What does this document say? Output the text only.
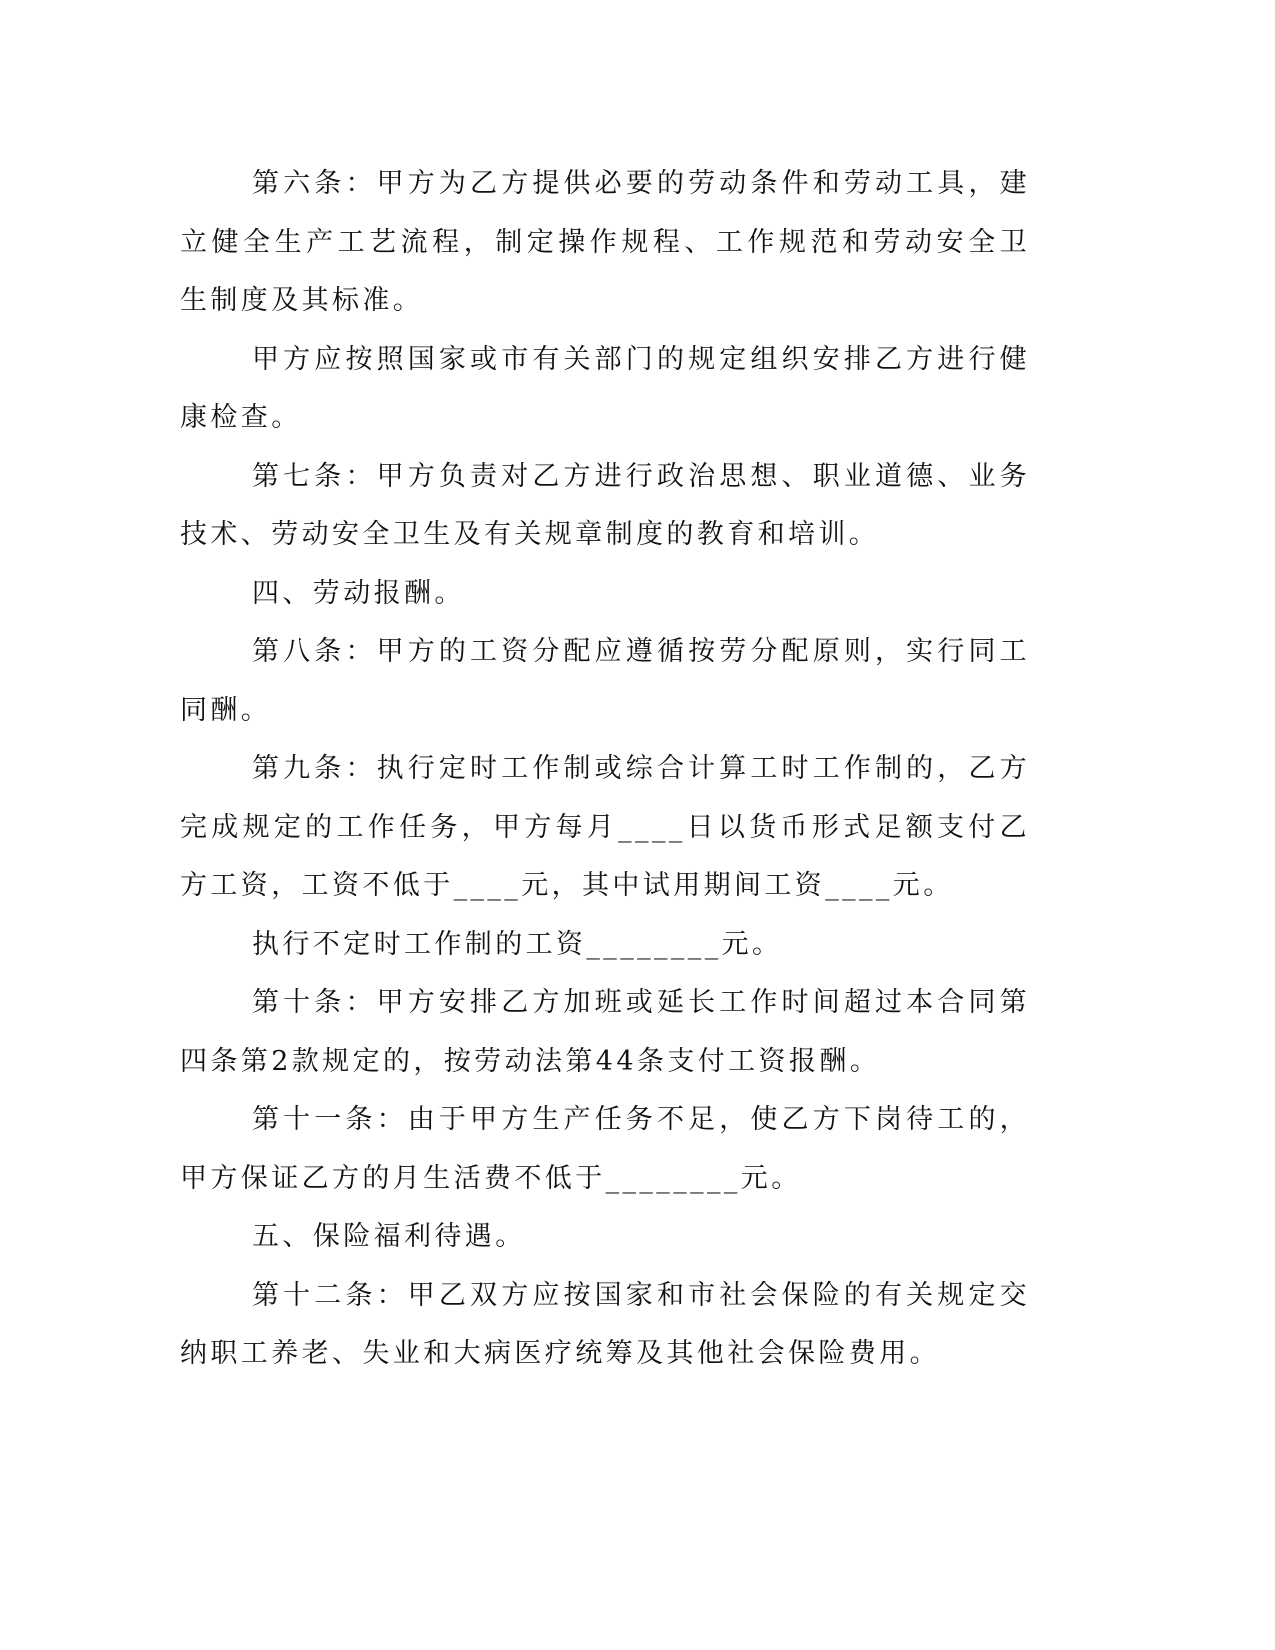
第六条：甲方为乙方提供必要的劳动条件和劳动工具，建立健全生产工艺流程，制定操作规程、工作规范和劳动安全卫生制度及其标准。

甲方应按照国家或市有关部门的规定组织安排乙方进行健康检查。

第七条：甲方负责对乙方进行政治思想、职业道德、业务技术、劳动安全卫生及有关规章制度的教育和培训。

四、劳动报酬。

第八条：甲方的工资分配应遵循按劳分配原则，实行同工同酬。

第九条：执行定时工作制或综合计算工时工作制的，乙方完成规定的工作任务，甲方每月____日以货币形式足额支付乙方工资，工资不低于____元，其中试用期间工资____元。

执行不定时工作制的工资________元。

第十条：甲方安排乙方加班或延长工作时间超过本合同第四条第2款规定的，按劳动法第44条支付工资报酬。

第十一条：由于甲方生产任务不足，使乙方下岗待工的，甲方保证乙方的月生活费不低于________元。

五、保险福利待遇。

第十二条：甲乙双方应按国家和市社会保险的有关规定交纳职工养老、失业和大病医疗统筹及其他社会保险费用。
